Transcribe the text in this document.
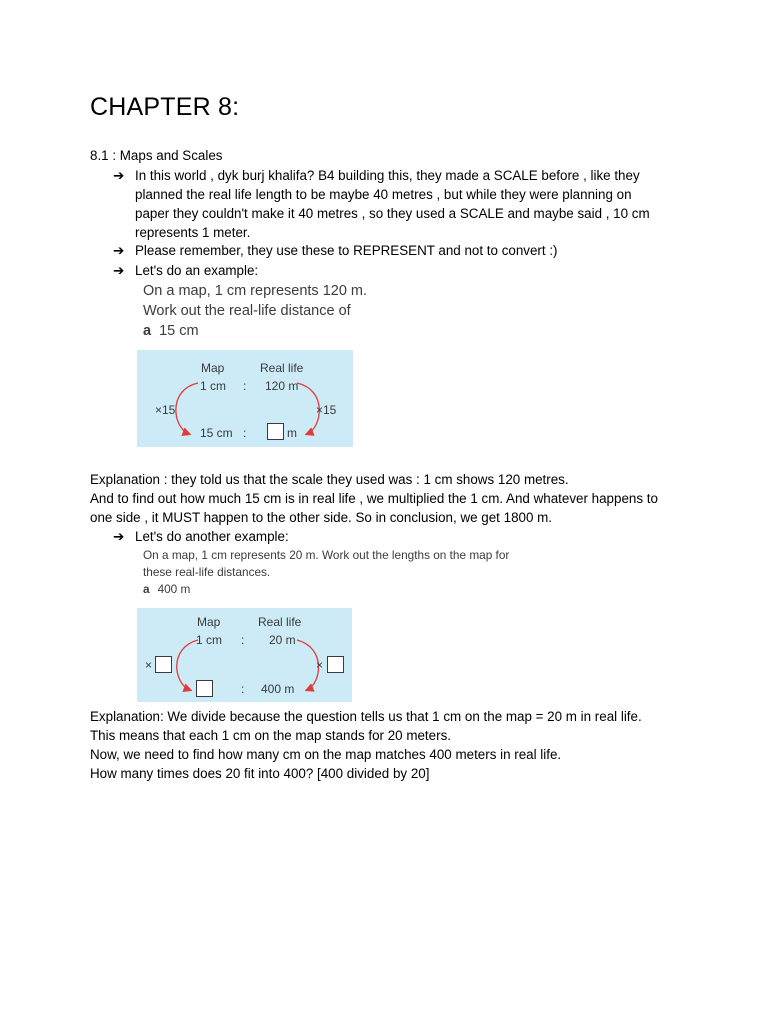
CHAPTER 8:

8.1 : Maps and Scales

➔ In this world , dyk burj khalifa? B4 building this, they made a SCALE before , like they
planned the real life length to be maybe 40 metres , but while they were planning on
paper they couldn't make it 40 metres , so they used a SCALE and maybe said , 10 cm
represents 1 meter.
➔ Please remember, they use these to REPRESENT and not to convert :)
➔ Let's do an example:
On a map, 1 cm represents 120 m.
Work out the real-life distance of
a 15 cm
Map	Real life
1 cm : 120 m
×15	×15
15 cm :	m
Explanation : they told us that the scale they used was : 1 cm shows 120 metres.
And to find out how much 15 cm is in real life , we multiplied the 1 cm. And whatever happens to
one side , it MUST happen to the other side. So in conclusion, we get 1800 m.
➔ Let's do another example:
On a map, 1 cm represents 20 m. Work out the lengths on the map for
these real-life distances.
a 400 m
Map	Real life
1 cm : 20 m
×	×
: 400 m
Explanation: We divide because the question tells us that 1 cm on the map = 20 m in real life.
This means that each 1 cm on the map stands for 20 meters.
Now, we need to find how many cm on the map matches 400 meters in real life.
How many times does 20 fit into 400? [400 divided by 20]
